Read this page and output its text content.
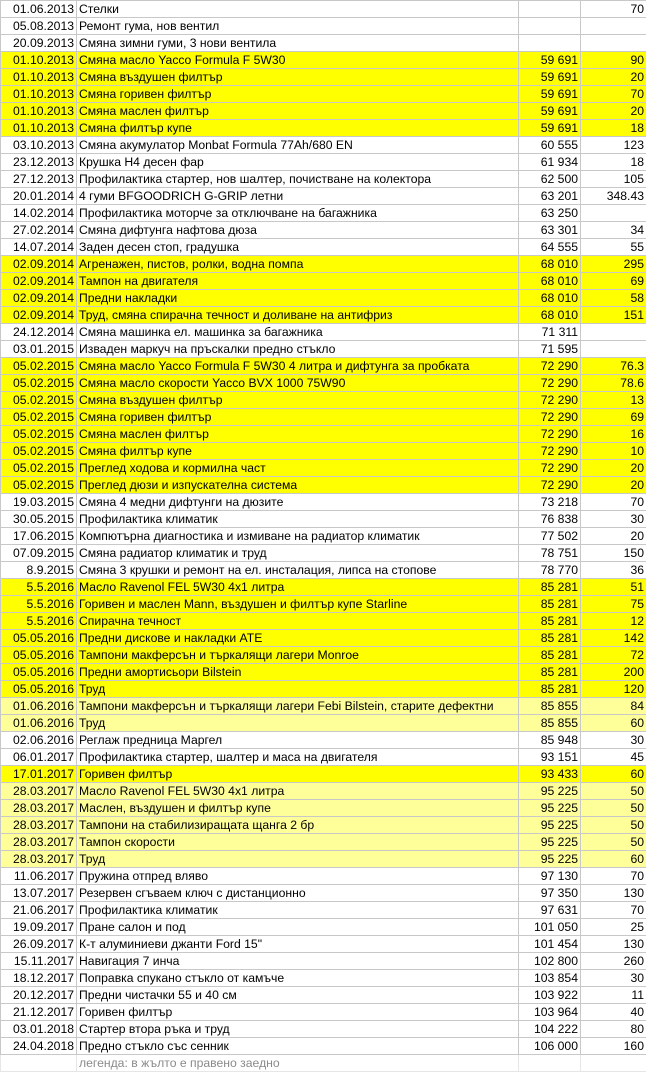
01.06.2013	Стелки		70
05.08.2013	Ремонт гума, нов вентил		
20.09.2013	Смяна зимни гуми, 3 нови вентила		
01.10.2013	Смяна масло Yacco Formula F 5W30	59 691	90
01.10.2013	Смяна въздушен филтър	59 691	20
01.10.2013	Смяна горивен филтър	59 691	70
01.10.2013	Смяна маслен филтър	59 691	20
01.10.2013	Смяна филтър купе	59 691	18
03.10.2013	Смяна акумулатор Monbat Formula 77Ah/680 EN	60 555	123
23.12.2013	Крушка H4 десен фар	61 934	18
27.12.2013	Профилактика стартер, нов шалтер, почистване на колектора	62 500	105
20.01.2014	4 гуми BFGOODRICH G-GRIP летни	63 201	348.43
14.02.2014	Профилактика моторче за отключване на багажника	63 250	
27.02.2014	Смяна дифтунга нафтова дюза	63 301	34
14.07.2014	Заден десен стоп, градушка	64 555	55
02.09.2014	Агренажен, пистов, ролки, водна помпа	68 010	295
02.09.2014	Тампон на двигателя	68 010	69
02.09.2014	Предни накладки	68 010	58
02.09.2014	Труд, смяна спирачна течност и доливане на антифриз	68 010	151
24.12.2014	Смяна машинка ел. машинка за багажника	71 311	
03.01.2015	Изваден маркуч на пръскалки предно стъкло	71 595	
05.02.2015	Смяна масло Yacco Formula F 5W30 4 литра и дифтунга за пробката	72 290	76.3
05.02.2015	Смяна масло скорости Yacco BVX 1000 75W90	72 290	78.6
05.02.2015	Смяна въздушен филтър	72 290	13
05.02.2015	Смяна горивен филтър	72 290	69
05.02.2015	Смяна маслен филтър	72 290	16
05.02.2015	Смяна филтър купе	72 290	10
05.02.2015	Преглед ходова и кормилна част	72 290	20
05.02.2015	Преглед дюзи и изпускателна система	72 290	20
19.03.2015	Смяна 4 медни дифтунги на дюзите	73 218	70
30.05.2015	Профилактика климатик	76 838	30
17.06.2015	Компютърна диагностика и измиване на радиатор климатик	77 502	20
07.09.2015	Смяна радиатор климатик и труд	78 751	150
8.9.2015	Смяна 3 крушки и ремонт на ел. инсталация, липса на стопове	78 770	36
5.5.2016	Масло Ravenol FEL 5W30 4x1 литра	85 281	51
5.5.2016	Горивен и маслен Mann, въздушен и филтър купе Starline	85 281	75
5.5.2016	Спирачна течност	85 281	12
05.05.2016	Предни дискове и накладки ATE	85 281	142
05.05.2016	Тампони макферсън и търкалящи лагери Monroe	85 281	72
05.05.2016	Предни амортисьори Bilstein	85 281	200
05.05.2016	Труд	85 281	120
01.06.2016	Тампони макферсън и търкалящи лагери Febi Bilstein, старите дефектни	85 855	84
01.06.2016	Труд	85 855	60
02.06.2016	Реглаж предница Маргел	85 948	30
06.01.2017	Профилактика стартер, шалтер и маса на двигателя	93 151	45
17.01.2017	Горивен филтър	93 433	60
28.03.2017	Масло Ravenol FEL 5W30 4x1 литра	95 225	50
28.03.2017	Маслен, въздушен и филтър купе	95 225	50
28.03.2017	Тампони на стабилизиращата щанга 2 бр	95 225	50
28.03.2017	Тампон скорости	95 225	50
28.03.2017	Труд	95 225	60
11.06.2017	Пружина отпред вляво	97 130	70
13.07.2017	Резервен сгъваем ключ с дистанционно	97 350	130
21.06.2017	Профилактика климатик	97 631	70
19.09.2017	Пране салон и под	101 050	25
26.09.2017	К-т алуминиеви джанти Ford 15"	101 454	130
15.11.2017	Навигация 7 инча	102 800	260
18.12.2017	Поправка спукано стъкло от камъче	103 854	30
20.12.2017	Предни чистачки 55 и 40 см	103 922	11
21.12.2017	Горивен филтър	103 964	40
03.01.2018	Стартер втора ръка и труд	104 222	80
24.04.2018	Предно стъкло със сенник	106 000	160
	легенда: в жълто е правено заедно		
